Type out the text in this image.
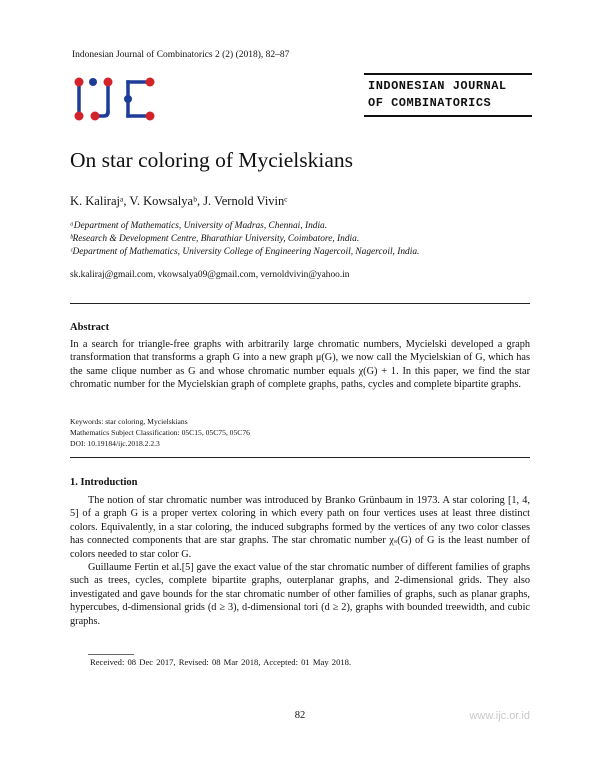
Indonesian Journal of Combinatorics 2 (2) (2018), 82–87
INDONESIAN JOURNAL
OF COMBINATORICS
On star coloring of Mycielskians
K. Kalirajᵃ, V. Kowsalyaᵇ, J. Vernold Vivinᶜ
ᵃDepartment of Mathematics, University of Madras, Chennai, India.
ᵇResearch & Development Centre, Bharathiar University, Coimbatore, India.
ᶜDepartment of Mathematics, University College of Engineering Nagercoil, Nagercoil, India.
sk.kaliraj@gmail.com, vkowsalya09@gmail.com, vernoldvivin@yahoo.in
Abstract

In a search for triangle-free graphs with arbitrarily large chromatic numbers, Mycielski developed a graph transformation that transforms a graph G into a new graph μ(G), we now call the Mycielskian of G, which has the same clique number as G and whose chromatic number equals χ(G) + 1. In this paper, we find the star chromatic number for the Mycielskian graph of complete graphs, paths, cycles and complete bipartite graphs.

Keywords: star coloring, Mycielskians
Mathematics Subject Classification: 05C15, 05C75, 05C76
DOI: 10.19184/ijc.2018.2.2.3
1. Introduction

The notion of star chromatic number was introduced by Branko Grünbaum in 1973. A star coloring [1, 4, 5] of a graph G is a proper vertex coloring in which every path on four vertices uses at least three distinct colors. Equivalently, in a star coloring, the induced subgraphs formed by the vertices of any two color classes has connected components that are star graphs. The star chromatic number χₛ(G) of G is the least number of colors needed to star color G.

Guillaume Fertin et al.[5] gave the exact value of the star chromatic number of different families of graphs such as trees, cycles, complete bipartite graphs, outerplanar graphs, and 2-dimensional grids. They also investigated and gave bounds for the star chromatic number of other families of graphs, such as planar graphs, hypercubes, d-dimensional grids (d ≥ 3), d-dimensional tori (d ≥ 2), graphs with bounded treewidth, and cubic graphs.

Received: 08 Dec 2017, Revised: 08 Mar 2018, Accepted: 01 May 2018.
82	www.ijc.or.id
